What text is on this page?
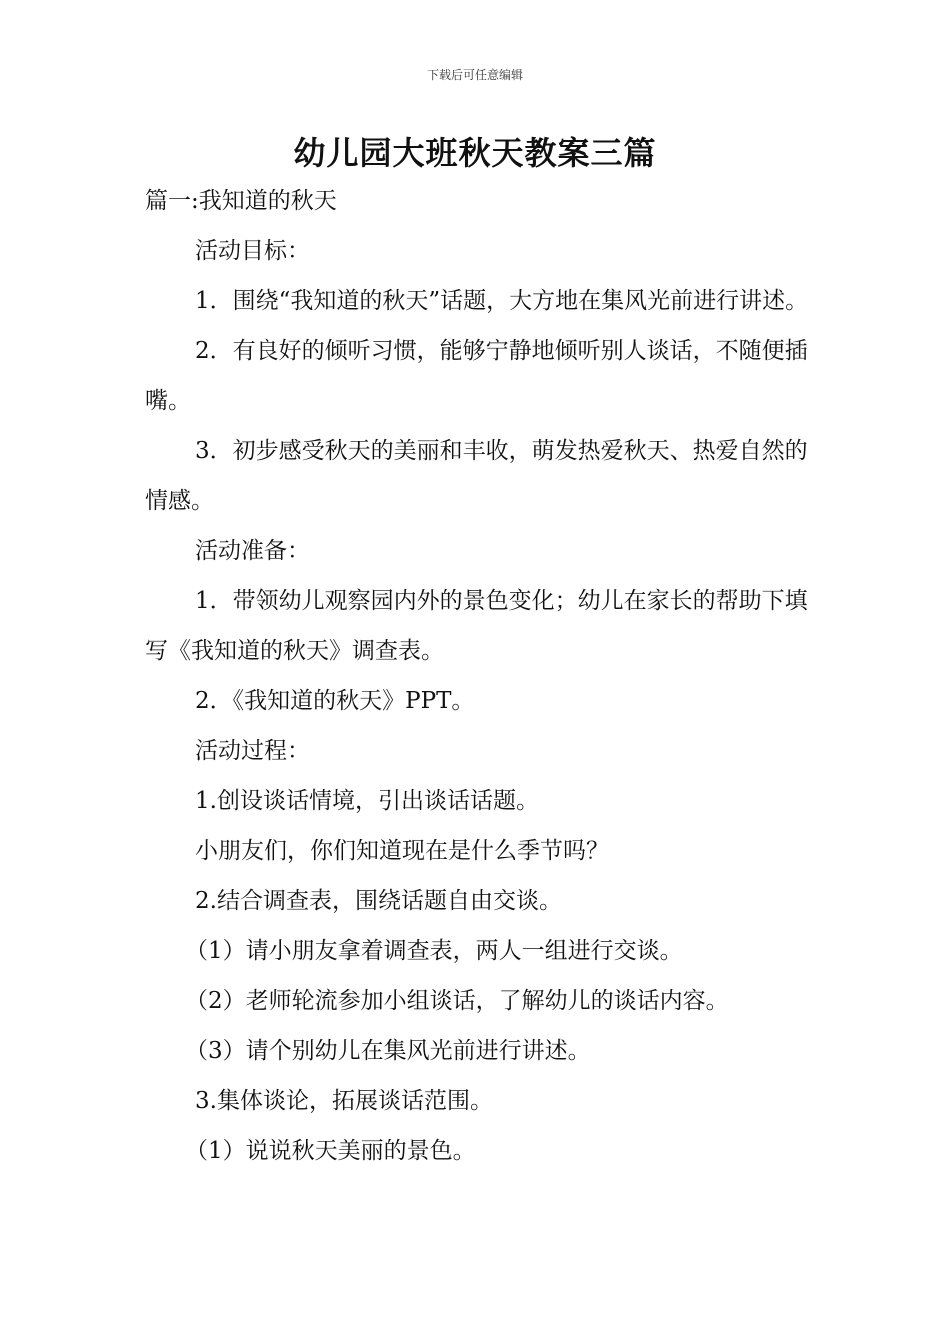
下载后可任意编辑
幼儿园大班秋天教案三篇

篇一:我知道的秋天

活动目标：

1．围绕“我知道的秋天”话题，大方地在集风光前进行讲述。

2．有良好的倾听习惯，能够宁静地倾听别人谈话，不随便插嘴。

3．初步感受秋天的美丽和丰收，萌发热爱秋天、热爱自然的情感。

活动准备：

1．带领幼儿观察园内外的景色变化；幼儿在家长的帮助下填写《我知道的秋天》调查表。

2．《我知道的秋天》PPT。

活动过程：

1.创设谈话情境，引出谈话话题。

小朋友们，你们知道现在是什么季节吗？

2.结合调查表，围绕话题自由交谈。

（1）请小朋友拿着调查表，两人一组进行交谈。

（2）老师轮流参加小组谈话，了解幼儿的谈话内容。

（3）请个别幼儿在集风光前进行讲述。

3.集体谈论，拓展谈话范围。

（1）说说秋天美丽的景色。
